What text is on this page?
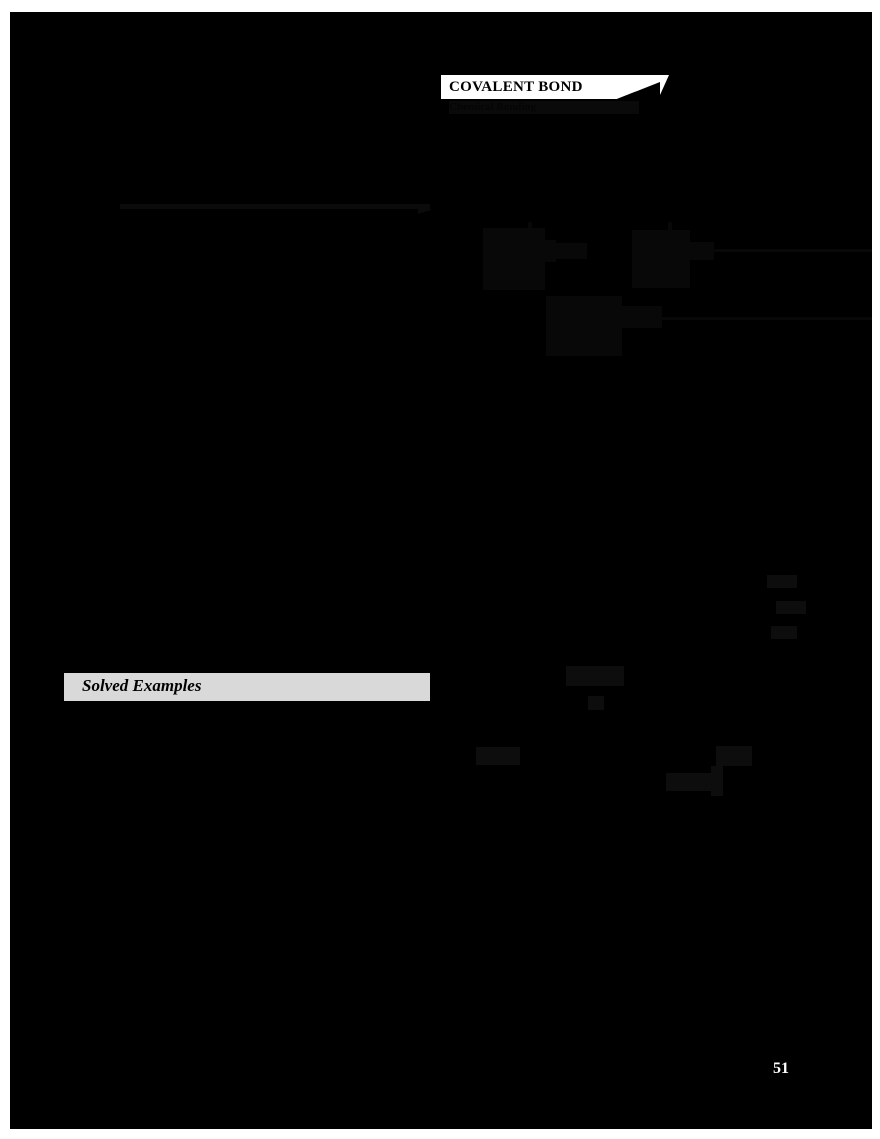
COVALENT BOND
Chemical Bonding
Solved Examples
51
